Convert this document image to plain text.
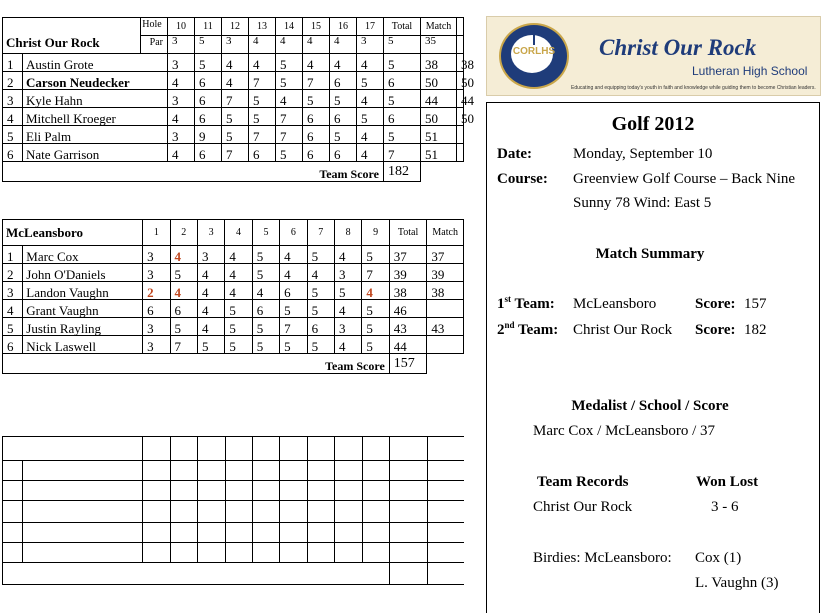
		Hole	10	11	12	13	14	15	16	17	Total	Match	
Christ Our Rock		Par	3	5	3	4	4	4	4	3	5	35	
1	Austin Grote		3	5	4	4	5	4	4	4	5	38	38
2	Carson Neudecker		4	6	4	7	5	7	6	5	6	50	50
3	Kyle Hahn		3	6	7	5	4	5	5	4	5	44	44
4	Mitchell Kroeger		4	6	5	5	7	6	6	5	6	50	50
5	Eli Palm		3	9	5	7	7	6	5	4	5	51	
6	Nate Garrison		4	6	7	6	5	6	6	4	7	51	
Team Score											182		
McLeansboro		1	2	3	4	5	6	7	8	9	Total	Match
1	Marc Cox	3	4	3	4	5	4	5	4	5	37	37
2	John O'Daniels	3	5	4	4	5	4	4	3	7	39	39
3	Landon Vaughn	2	4	4	4	4	6	5	5	4	38	38
4	Grant Vaughn	6	6	4	5	6	5	5	4	5	46	
5	Justin Rayling	3	5	4	5	5	7	6	3	5	43	43
6	Nick Laswell	3	7	5	5	5	5	5	4	5	44	
Team Score											157	

CORLHS	Christ Our Rock
Lutheran High School
Educating and equipping today's youth in faith and knowledge while guiding them to become Christian leaders.
Golf 2012
Date:	Monday, September 10
Course: Greenview Golf Course – Back Nine
Sunny 78 Wind: East 5
Match Summary
1st Team: McLeansboro	Score: 157
2nd Team: Christ Our Rock Score: 182
Medalist / School / Score
Marc Cox / McLeansboro / 37
Team Records	Won Lost
Christ Our Rock	3 - 6
Birdies: McLeansboro: Cox (1)
L. Vaughn (3)
